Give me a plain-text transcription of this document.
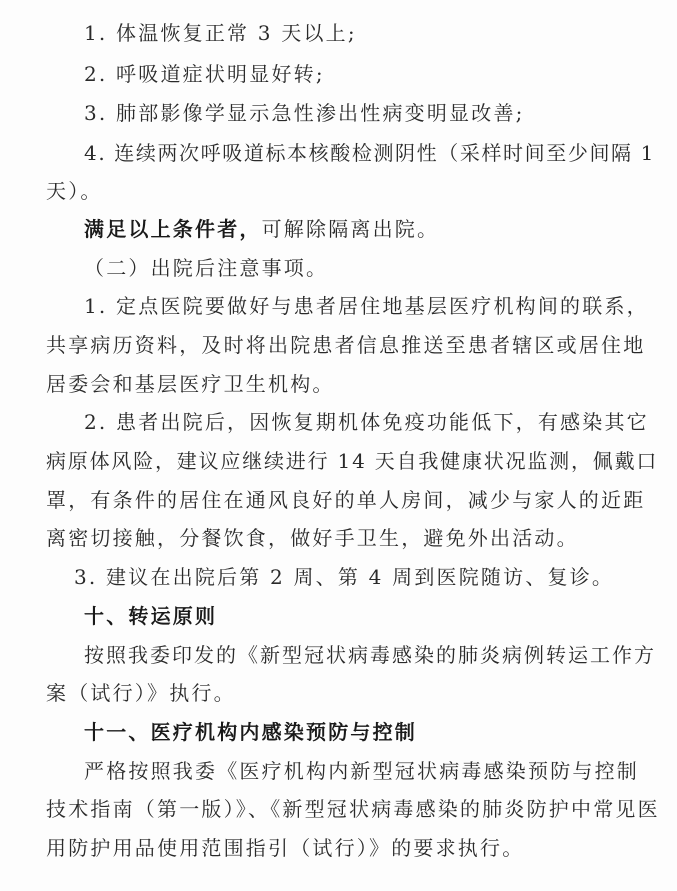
1. 体温恢复正常 3 天以上;
2. 呼吸道症状明显好转;
3. 肺部影像学显示急性渗出性病变明显改善;
4. 连续两次呼吸道标本核酸检测阴性（采样时间至少间隔 1
天）。
满足以上条件者，可解除隔离出院。
（二）出院后注意事项。
1. 定点医院要做好与患者居住地基层医疗机构间的联系，
共享病历资料，及时将出院患者信息推送至患者辖区或居住地
居委会和基层医疗卫生机构。
2. 患者出院后，因恢复期机体免疫功能低下，有感染其它
病原体风险，建议应继续进行 14 天自我健康状况监测，佩戴口
罩，有条件的居住在通风良好的单人房间，减少与家人的近距
离密切接触，分餐饮食，做好手卫生，避免外出活动。
3. 建议在出院后第 2 周、第 4 周到医院随访、复诊。
十、转运原则
按照我委印发的《新型冠状病毒感染的肺炎病例转运工作方
案（试行）》执行。
十一、医疗机构内感染预防与控制
严格按照我委《医疗机构内新型冠状病毒感染预防与控制
技术指南（第一版）》、《新型冠状病毒感染的肺炎防护中常见医
用防护用品使用范围指引（试行）》的要求执行。
